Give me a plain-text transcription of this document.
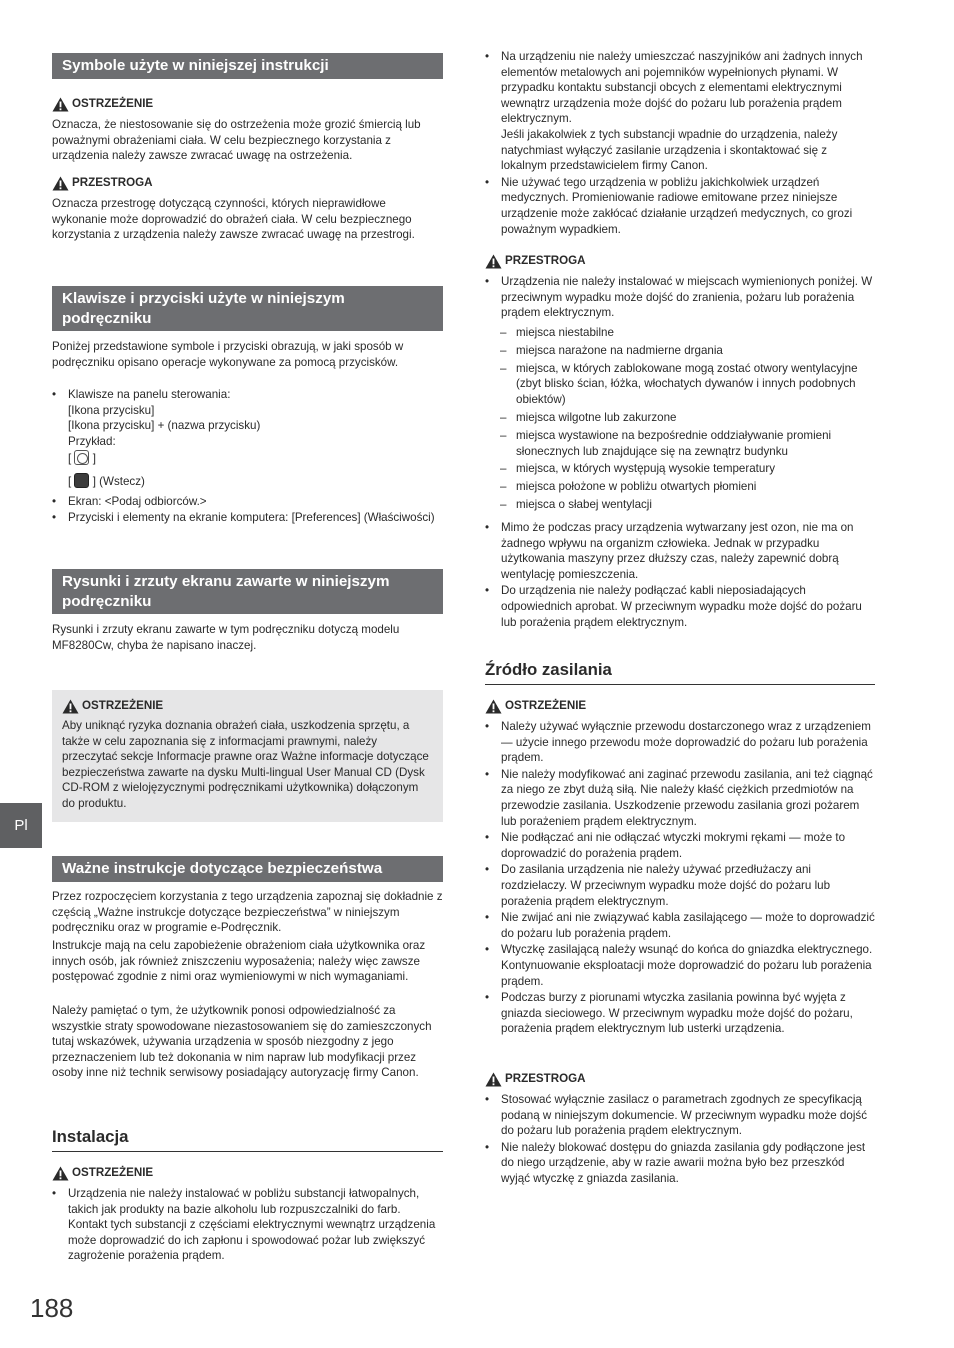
Symbole użyte w niniejszej instrukcji
OSTRZEŻENIE

Oznacza, że niestosowanie się do ostrzeżenia może grozić śmiercią lub poważnymi obrażeniami ciała. W celu bezpiecznego korzystania z urządzenia należy zawsze zwracać uwagę na ostrzeżenia.

PRZESTROGA

Oznacza przestrogę dotyczącą czynności, których nieprawidłowe wykonanie może doprowadzić do obrażeń ciała. W celu bezpiecznego korzystania z urządzenia należy zawsze zwracać uwagę na przestrogi.

Klawisze i przyciski użyte w niniejszym podręczniku

Poniżej przedstawione symbole i przyciski obrazują, w jaki sposób w podręczniku opisano operacje wykonywane za pomocą przycisków.

• Klawisze na panelu sterowania:
[Ikona przycisku]
[Ikona przycisku] + (nazwa przycisku)
Przykład:
[ ]
[ ] (Wstecz)
• Ekran: <Podaj odbiorców.>
• Przyciski i elementy na ekranie komputera: [Preferences] (Właściwości)
Rysunki i zrzuty ekranu zawarte w niniejszym podręczniku

Rysunki i zrzuty ekranu zawarte w tym podręczniku dotyczą modelu MF8280Cw, chyba że napisano inaczej.

OSTRZEŻENIE

Aby uniknąć ryzyka doznania obrażeń ciała, uszkodzenia sprzętu, a także w celu zapoznania się z informacjami prawnymi, należy przeczytać sekcje Informacje prawne oraz Ważne informacje dotyczące bezpieczeństwa zawarte na dysku Multi-lingual User Manual CD (Dysk CD-ROM z wielojęzycznymi podręcznikami użytkownika) dołączonym do produktu.

Ważne instrukcje dotyczące bezpieczeństwa

Przez rozpoczęciem korzystania z tego urządzenia zapoznaj się dokładnie z częścią „Ważne instrukcje dotyczące bezpieczeństwa” w niniejszym podręczniku oraz w programie e-Podręcznik.

Instrukcje mają na celu zapobieżenie obrażeniom ciała użytkownika oraz innych osób, jak również zniszczeniu wyposażenia; należy więc zawsze postępować zgodnie z nimi oraz wymieniowymi w nich wymaganiami.

Należy pamiętać o tym, że użytkownik ponosi odpowiedzialność za wszystkie straty spowodowane niezastosowaniem się do zamieszczonych tutaj wskazówek, używania urządzenia w sposób niezgodny z jego przeznaczeniem lub też dokonania w nim napraw lub modyfikacji przez osoby inne niż technik serwisowy posiadający autoryzację firmy Canon.

Instalacja
OSTRZEŻENIE
• Urządzenia nie należy instalować w pobliżu substancji łatwopalnych, takich jak produkty na bazie alkoholu lub rozpuszczalniki do farb. Kontakt tych substancji z częściami elektrycznymi wewnątrz urządzenia może doprowadzić do ich zapłonu i spowodować pożar lub zwiększyć zagrożenie porażenia prądem.
• Na urządzeniu nie należy umieszczać naszyjników ani żadnych innych elementów metalowych ani pojemników wypełnionych płynami. W przypadku kontaktu substancji obcych z elementami elektrycznymi wewnątrz urządzenia może dojść do pożaru lub porażenia prądem elektrycznym.
Jeśli jakakolwiek z tych substancji wpadnie do urządzenia, należy natychmiast wyłączyć zasilanie urządzenia i skontaktować się z lokalnym przedstawicielem firmy Canon.
• Nie używać tego urządzenia w pobliżu jakichkolwiek urządzeń medycznych. Promieniowanie radiowe emitowane przez niniejsze urządzenie może zakłócać działanie urządzeń medycznych, co grozi poważnym wypadkiem.
PRZESTROGA
• Urządzenia nie należy instalować w miejscach wymienionych poniżej. W przeciwnym wypadku może dojść do zranienia, pożaru lub porażenia prądem elektrycznym.
– miejsca niestabilne
– miejsca narażone na nadmierne drgania
– miejsca, w których zablokowane mogą zostać otwory wentylacyjne (zbyt blisko ścian, łóżka, włochatych dywanów i innych podobnych obiektów)
– miejsca wilgotne lub zakurzone
– miejsca wystawione na bezpośrednie oddziaływanie promieni słonecznych lub znajdujące się na zewnątrz budynku
– miejsca, w których występują wysokie temperatury
– miejsca położone w pobliżu otwartych płomieni
– miejsca o słabej wentylacji
• Mimo że podczas pracy urządzenia wytwarzany jest ozon, nie ma on żadnego wpływu na organizm człowieka. Jednak w przypadku użytkowania maszyny przez dłuższy czas, należy zapewnić dobrą wentylację pomieszczenia.
• Do urządzenia nie należy podłączać kabli nieposiadających odpowiednich aprobat. W przeciwnym wypadku może dojść do pożaru lub porażenia prądem elektrycznym.
Źródło zasilania
OSTRZEŻENIE
• Należy używać wyłącznie przewodu dostarczonego wraz z urządzeniem — użycie innego przewodu może doprowadzić do pożaru lub porażenia prądem.
• Nie należy modyfikować ani zaginać przewodu zasilania, ani też ciągnąć za niego ze zbyt dużą siłą. Nie należy kłaść ciężkich przedmiotów na przewodzie zasilania. Uszkodzenie przewodu zasilania grozi pożarem lub porażeniem prądem elektrycznym.
• Nie podłączać ani nie odłączać wtyczki mokrymi rękami — może to doprowadzić do porażenia prądem.
• Do zasilania urządzenia nie należy używać przedłużaczy ani rozdzielaczy. W przeciwnym wypadku może dojść do pożaru lub porażenia prądem elektrycznym.
• Nie zwijać ani nie związywać kabla zasilającego — może to doprowadzić do pożaru lub porażenia prądem.
• Wtyczkę zasilającą należy wsunąć do końca do gniazdka elektrycznego. Kontynuowanie eksploatacji może doprowadzić do pożaru lub porażenia prądem.
• Podczas burzy z piorunami wtyczka zasilania powinna być wyjęta z gniazda sieciowego. W przeciwnym wypadku może dojść do pożaru, porażenia prądem elektrycznym lub usterki urządzenia.
PRZESTROGA
• Stosować wyłącznie zasilacz o parametrach zgodnych ze specyfikacją podaną w niniejszym dokumencie. W przeciwnym wypadku może dojść do pożaru lub porażenia prądem elektrycznym.
• Nie należy blokować dostępu do gniazda zasilania gdy podłączone jest do niego urządzenie, aby w razie awarii można było bez przeszkód wyjąć wtyczkę z gniazda zasilania.
Pl
188
